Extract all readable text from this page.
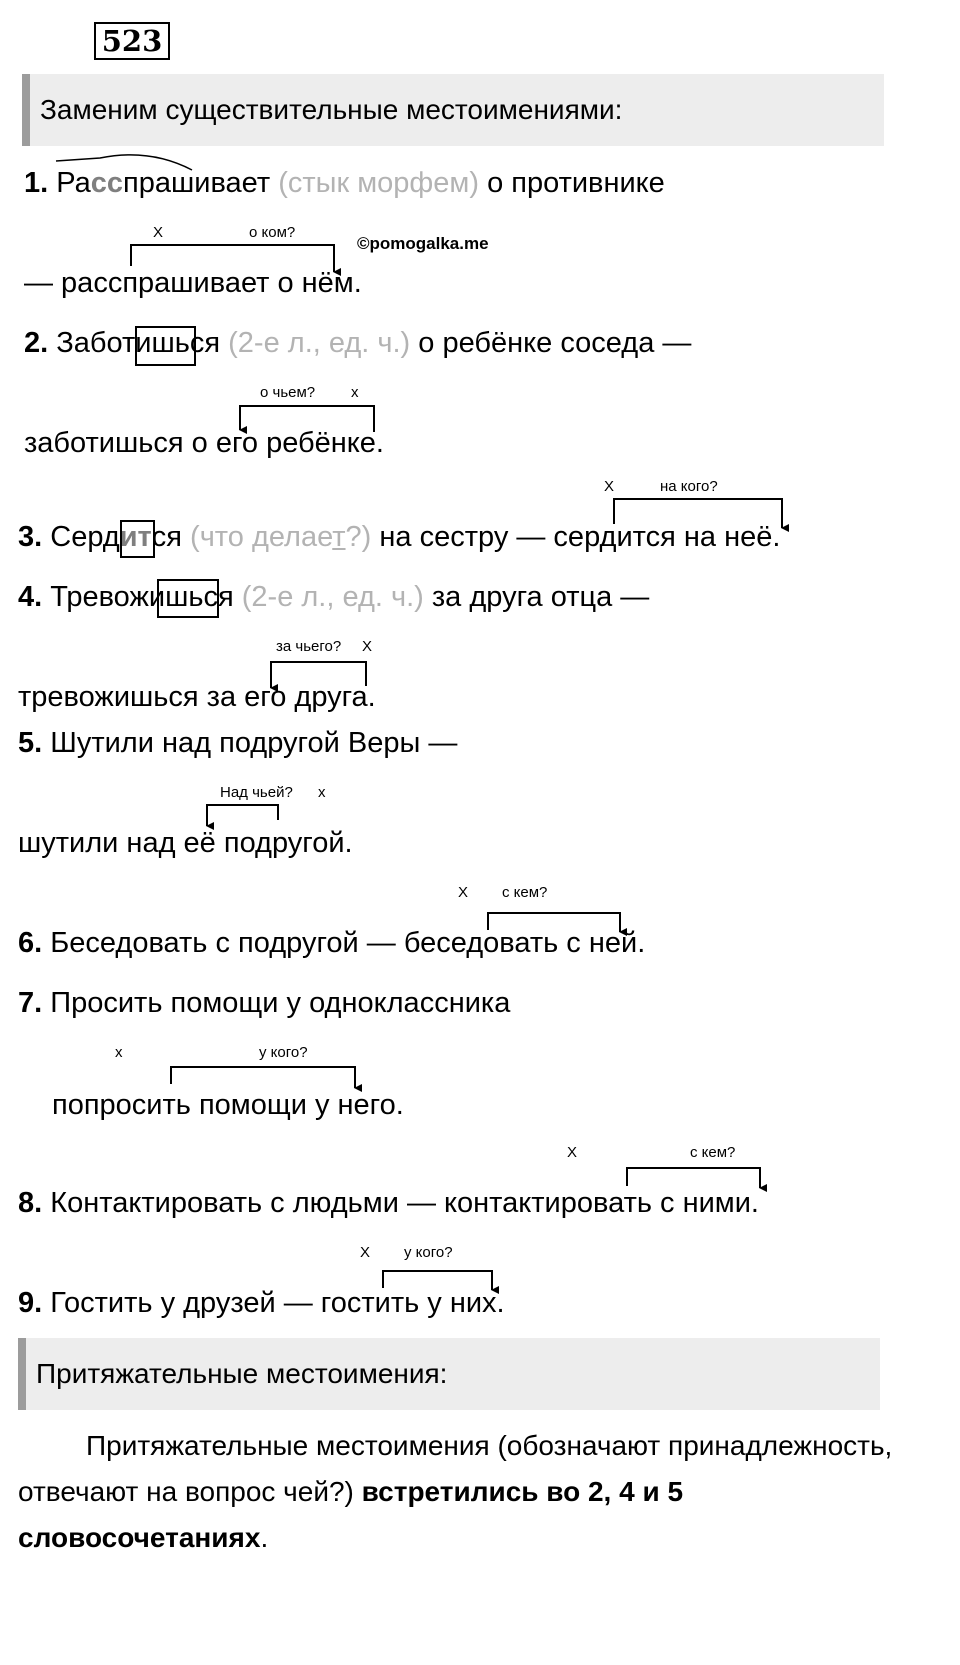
523
Заменим существительные местоимениями:
1. Расспрашивает (стык морфем) о противнике
X	о ком?
©pomogalka.me
— расспрашивает о нём.
2. Заботишься (2-е л., ед. ч.) о ребёнке соседа —
о чьем? x
заботишься о его ребёнке.
X	на кого?
3. Сердится (что делает?) на сестру — сердится на неё.
4. Тревожишься (2-е л., ед. ч.) за друга отца —
за чьего? X
тревожишься за его друга.
5. Шутили над подругой Веры —
Над чьей? x
шутили над её подругой.
X с кем?
6. Беседовать с подругой — беседовать с ней.
7. Просить помощи у одноклассника
x	у кого?
попросить помощи у него.
X	с кем?
8. Контактировать с людьми — контактировать с ними.
X у кого?
9. Гостить у друзей — гостить у них.
Притяжательные местоимения:
Притяжательные местоимения (обозначают принадлежность, отвечают на вопрос чей?) встретились во 2, 4 и 5 словосочетаниях.
